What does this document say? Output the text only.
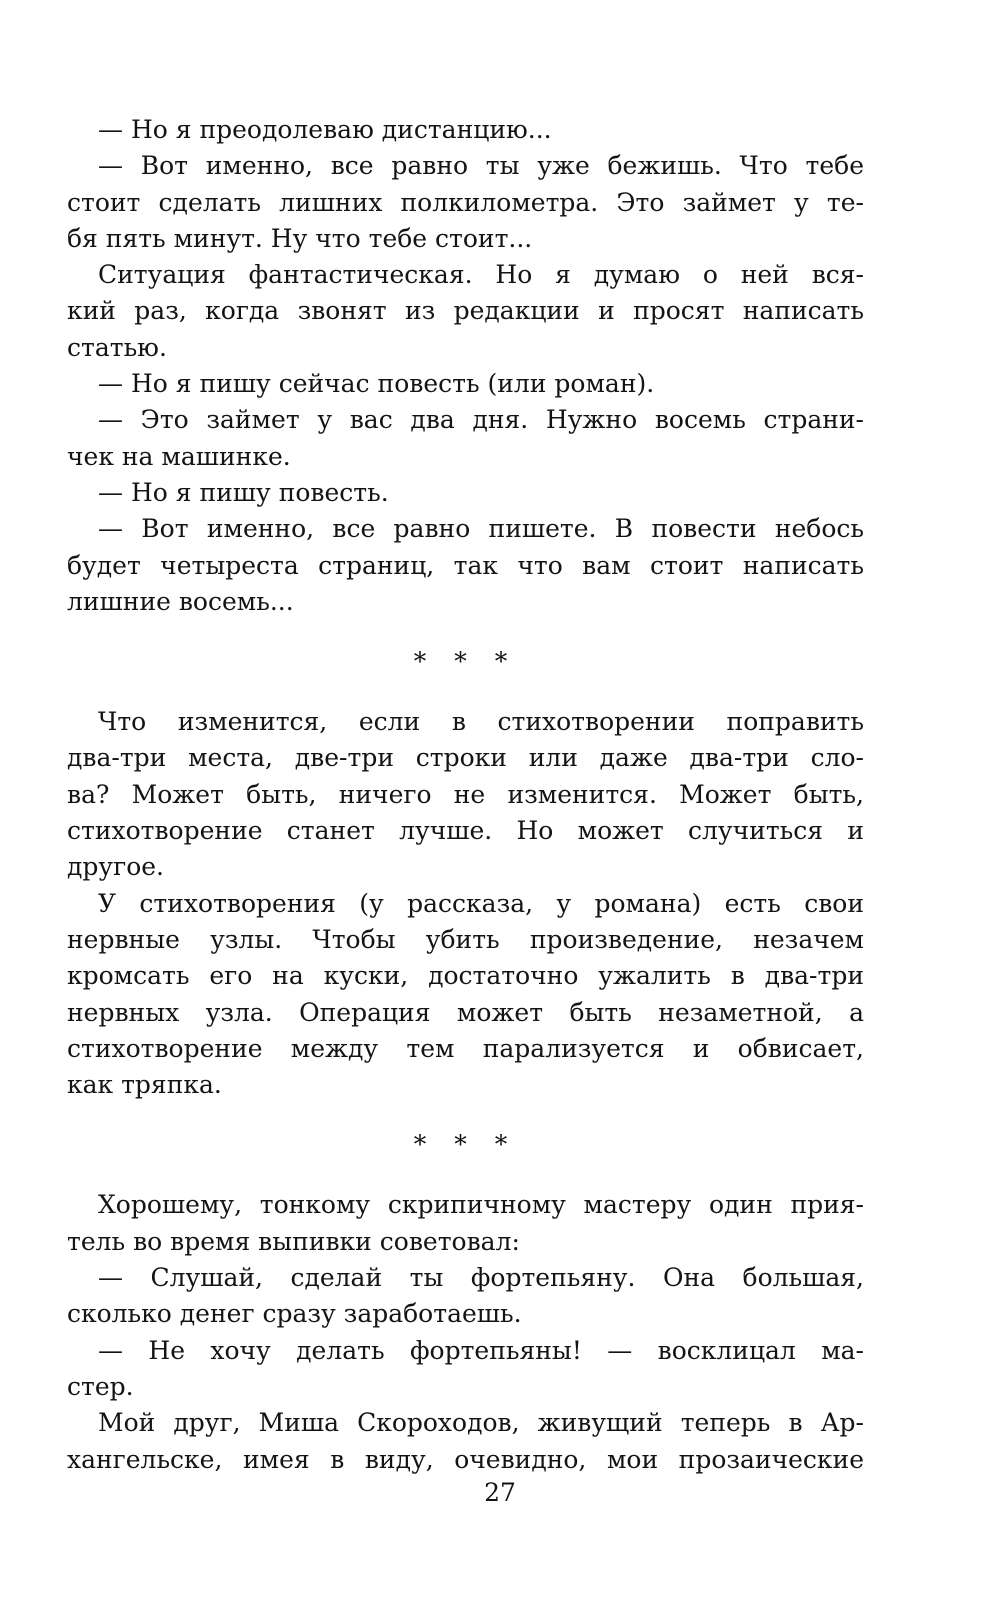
— Но я преодолеваю дистанцию...
— Вот именно, все равно ты уже бежишь. Что тебе
стоит сделать лишних полкилометра. Это займет у те-
бя пять минут. Ну что тебе стоит...
Ситуация фантастическая. Но я думаю о ней вся-
кий раз, когда звонят из редакции и просят написать
статью.
— Но я пишу сейчас повесть (или роман).
— Это займет у вас два дня. Нужно восемь страни-
чек на машинке.
— Но я пишу повесть.
— Вот именно, все равно пишете. В повести небось
будет четыреста страниц, так что вам стоит написать
лишние восемь...
* * *
Что изменится, если в стихотворении поправить
два-три места, две-три строки или даже два-три сло-
ва? Может быть, ничего не изменится. Может быть,
стихотворение станет лучше. Но может случиться и
другое.
У стихотворения (у рассказа, у романа) есть свои
нервные узлы. Чтобы убить произведение, незачем
кромсать его на куски, достаточно ужалить в два-три
нервных узла. Операция может быть незаметной, а
стихотворение между тем парализуется и обвисает,
как тряпка.
* * *
Хорошему, тонкому скрипичному мастеру один прия-
тель во время выпивки советовал:
— Слушай, сделай ты фортепьяну. Она большая,
сколько денег сразу заработаешь.
— Не хочу делать фортепьяны! — восклицал ма-
стер.
Мой друг, Миша Скороходов, живущий теперь в Ар-
хангельске, имея в виду, очевидно, мои прозаические
27
